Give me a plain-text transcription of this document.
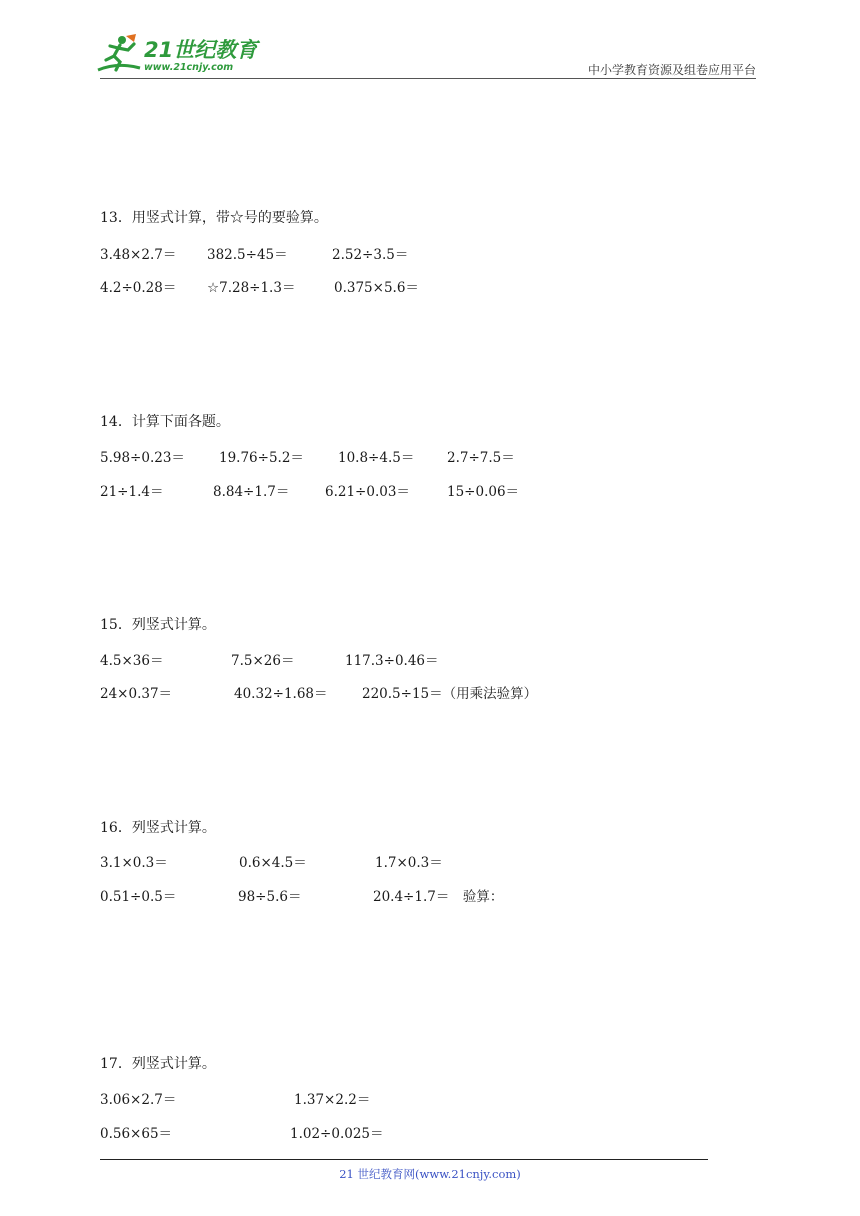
21世纪教育
www.21cnjy.com	中小学教育资源及组卷应用平台
13．用竖式计算，带☆号的要验算。
3.48×2.7＝ 382.5÷45＝	2.52÷3.5＝
4.2÷0.28＝ ☆7.28÷1.3＝	0.375×5.6＝
14．计算下面各题。
5.98÷0.23＝	19.76÷5.2＝	10.8÷4.5＝ 2.7÷7.5＝
21÷1.4＝	8.84÷1.7＝	6.21÷0.03＝	15÷0.06＝
15．列竖式计算。
4.5×36＝	7.5×26＝	117.3÷0.46＝
24×0.37＝	40.32÷1.68＝	220.5÷15＝（用乘法验算）
16．列竖式计算。
3.1×0.3＝	0.6×4.5＝	1.7×0.3＝
0.51÷0.5＝	98÷5.6＝	20.4÷1.7＝　验算：
17．列竖式计算。
3.06×2.7＝	1.37×2.2＝
0.56×65＝	1.02÷0.025＝
21 世纪教育网(www.21cnjy.com)
